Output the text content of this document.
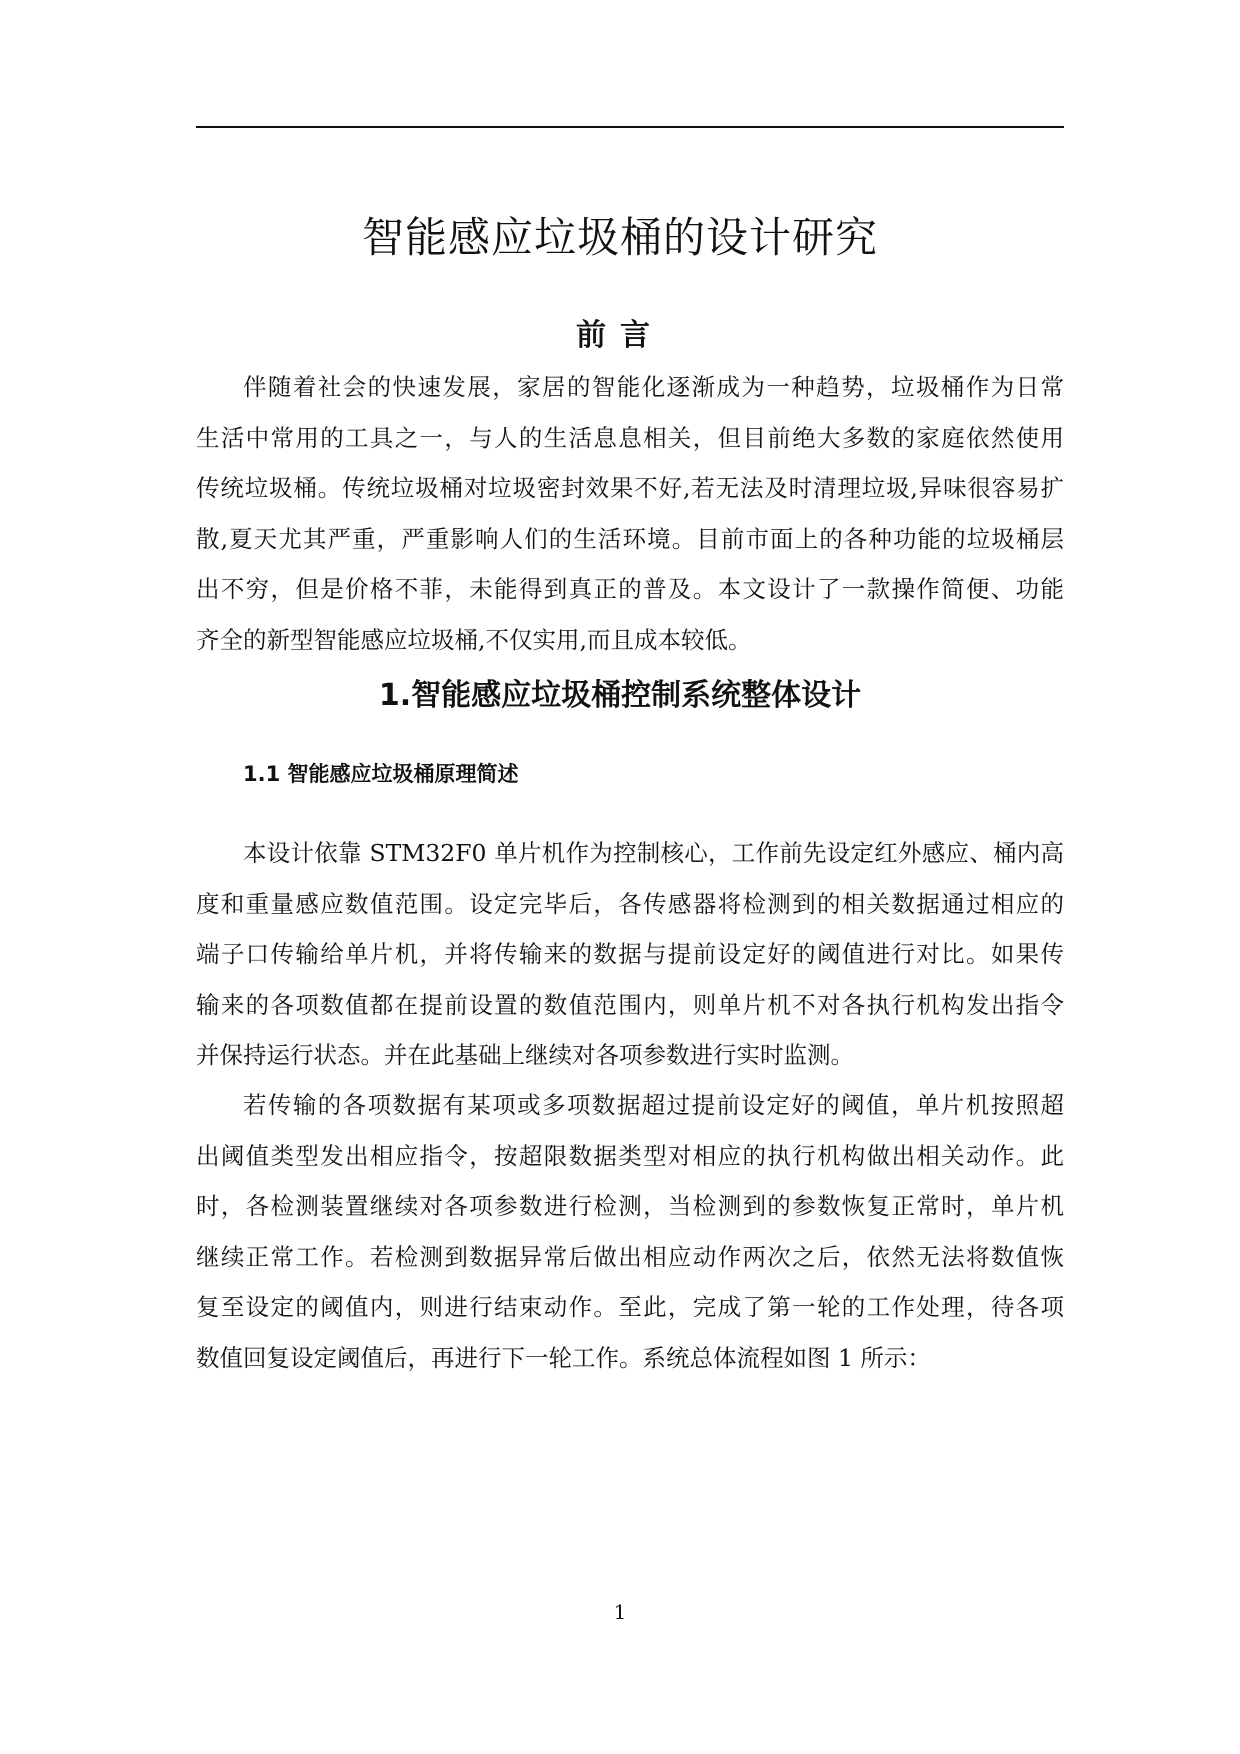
智能感应垃圾桶的设计研究
前言
伴随着社会的快速发展，家居的智能化逐渐成为一种趋势，垃圾桶作为日常
生活中常用的工具之一，与人的生活息息相关，但目前绝大多数的家庭依然使用
传统垃圾桶。传统垃圾桶对垃圾密封效果不好,若无法及时清理垃圾,异味很容易扩
散,夏天尤其严重，严重影响人们的生活环境。目前市面上的各种功能的垃圾桶层
出不穷，但是价格不菲，未能得到真正的普及。本文设计了一款操作简便、功能
齐全的新型智能感应垃圾桶,不仅实用,而且成本较低。
1.智能感应垃圾桶控制系统整体设计
1.1 智能感应垃圾桶原理简述
本设计依靠 STM32F0 单片机作为控制核心，工作前先设定红外感应、桶内高
度和重量感应数值范围。设定完毕后，各传感器将检测到的相关数据通过相应的
端子口传输给单片机，并将传输来的数据与提前设定好的阈值进行对比。如果传
输来的各项数值都在提前设置的数值范围内，则单片机不对各执行机构发出指令
并保持运行状态。并在此基础上继续对各项参数进行实时监测。
若传输的各项数据有某项或多项数据超过提前设定好的阈值，单片机按照超
出阈值类型发出相应指令，按超限数据类型对相应的执行机构做出相关动作。此
时，各检测装置继续对各项参数进行检测，当检测到的参数恢复正常时，单片机
继续正常工作。若检测到数据异常后做出相应动作两次之后，依然无法将数值恢
复至设定的阈值内，则进行结束动作。至此，完成了第一轮的工作处理，待各项
数值回复设定阈值后，再进行下一轮工作。系统总体流程如图 1 所示：
1
